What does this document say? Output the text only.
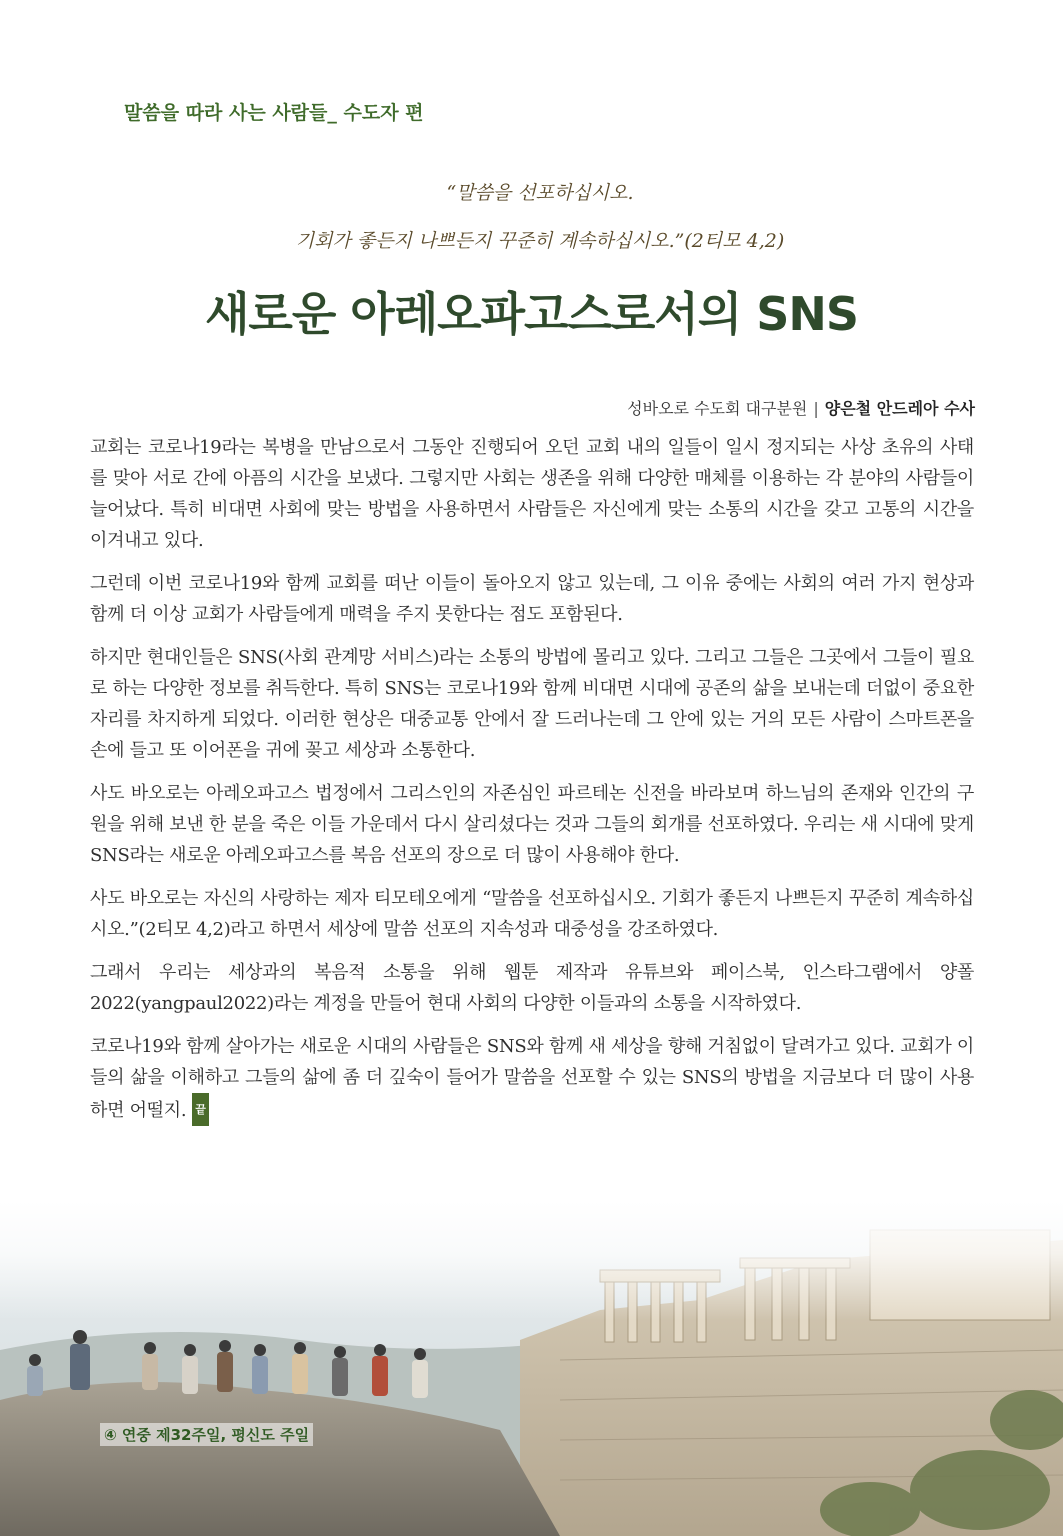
말씀을 따라 사는 사람들_ 수도자 편
“말씀을 선포하십시오.
기회가 좋든지 나쁘든지 꾸준히 계속하십시오.”(2티모 4,2)
새로운 아레오파고스로서의 SNS
성바오로 수도회 대구분원 | 양은철 안드레아 수사

교회는 코로나19라는 복병을 만남으로서 그동안 진행되어 오던 교회 내의 일들이 일시 정지되는 사상 초유의 사태를 맞아 서로 간에 아픔의 시간을 보냈다. 그렇지만 사회는 생존을 위해 다양한 매체를 이용하는 각 분야의 사람들이 늘어났다. 특히 비대면 사회에 맞는 방법을 사용하면서 사람들은 자신에게 맞는 소통의 시간을 갖고 고통의 시간을 이겨내고 있다.

그런데 이번 코로나19와 함께 교회를 떠난 이들이 돌아오지 않고 있는데, 그 이유 중에는 사회의 여러 가지 현상과 함께 더 이상 교회가 사람들에게 매력을 주지 못한다는 점도 포함된다.

하지만 현대인들은 SNS(사회 관계망 서비스)라는 소통의 방법에 몰리고 있다. 그리고 그들은 그곳에서 그들이 필요로 하는 다양한 정보를 취득한다. 특히 SNS는 코로나19와 함께 비대면 시대에 공존의 삶을 보내는데 더없이 중요한 자리를 차지하게 되었다. 이러한 현상은 대중교통 안에서 잘 드러나는데 그 안에 있는 거의 모든 사람이 스마트폰을 손에 들고 또 이어폰을 귀에 꽂고 세상과 소통한다.

사도 바오로는 아레오파고스 법정에서 그리스인의 자존심인 파르테논 신전을 바라보며 하느님의 존재와 인간의 구원을 위해 보낸 한 분을 죽은 이들 가운데서 다시 살리셨다는 것과 그들의 회개를 선포하였다. 우리는 새 시대에 맞게 SNS라는 새로운 아레오파고스를 복음 선포의 장으로 더 많이 사용해야 한다.

사도 바오로는 자신의 사랑하는 제자 티모테오에게 “말씀을 선포하십시오. 기회가 좋든지 나쁘든지 꾸준히 계속하십시오.”(2티모 4,2)라고 하면서 세상에 말씀 선포의 지속성과 대중성을 강조하였다.

그래서 우리는 세상과의 복음적 소통을 위해 웹툰 제작과 유튜브와 페이스북, 인스타그램에서 양폴2022(yangpaul2022)라는 계정을 만들어 현대 사회의 다양한 이들과의 소통을 시작하였다.

코로나19와 함께 살아가는 새로운 시대의 사람들은 SNS와 함께 새 세상을 향해 거침없이 달려가고 있다. 교회가 이들의 삶을 이해하고 그들의 삶에 좀 더 깊숙이 들어가 말씀을 선포할 수 있는 SNS의 방법을 지금보다 더 많이 사용하면 어떨지. 끝

④ 연중 제32주일, 평신도 주일
